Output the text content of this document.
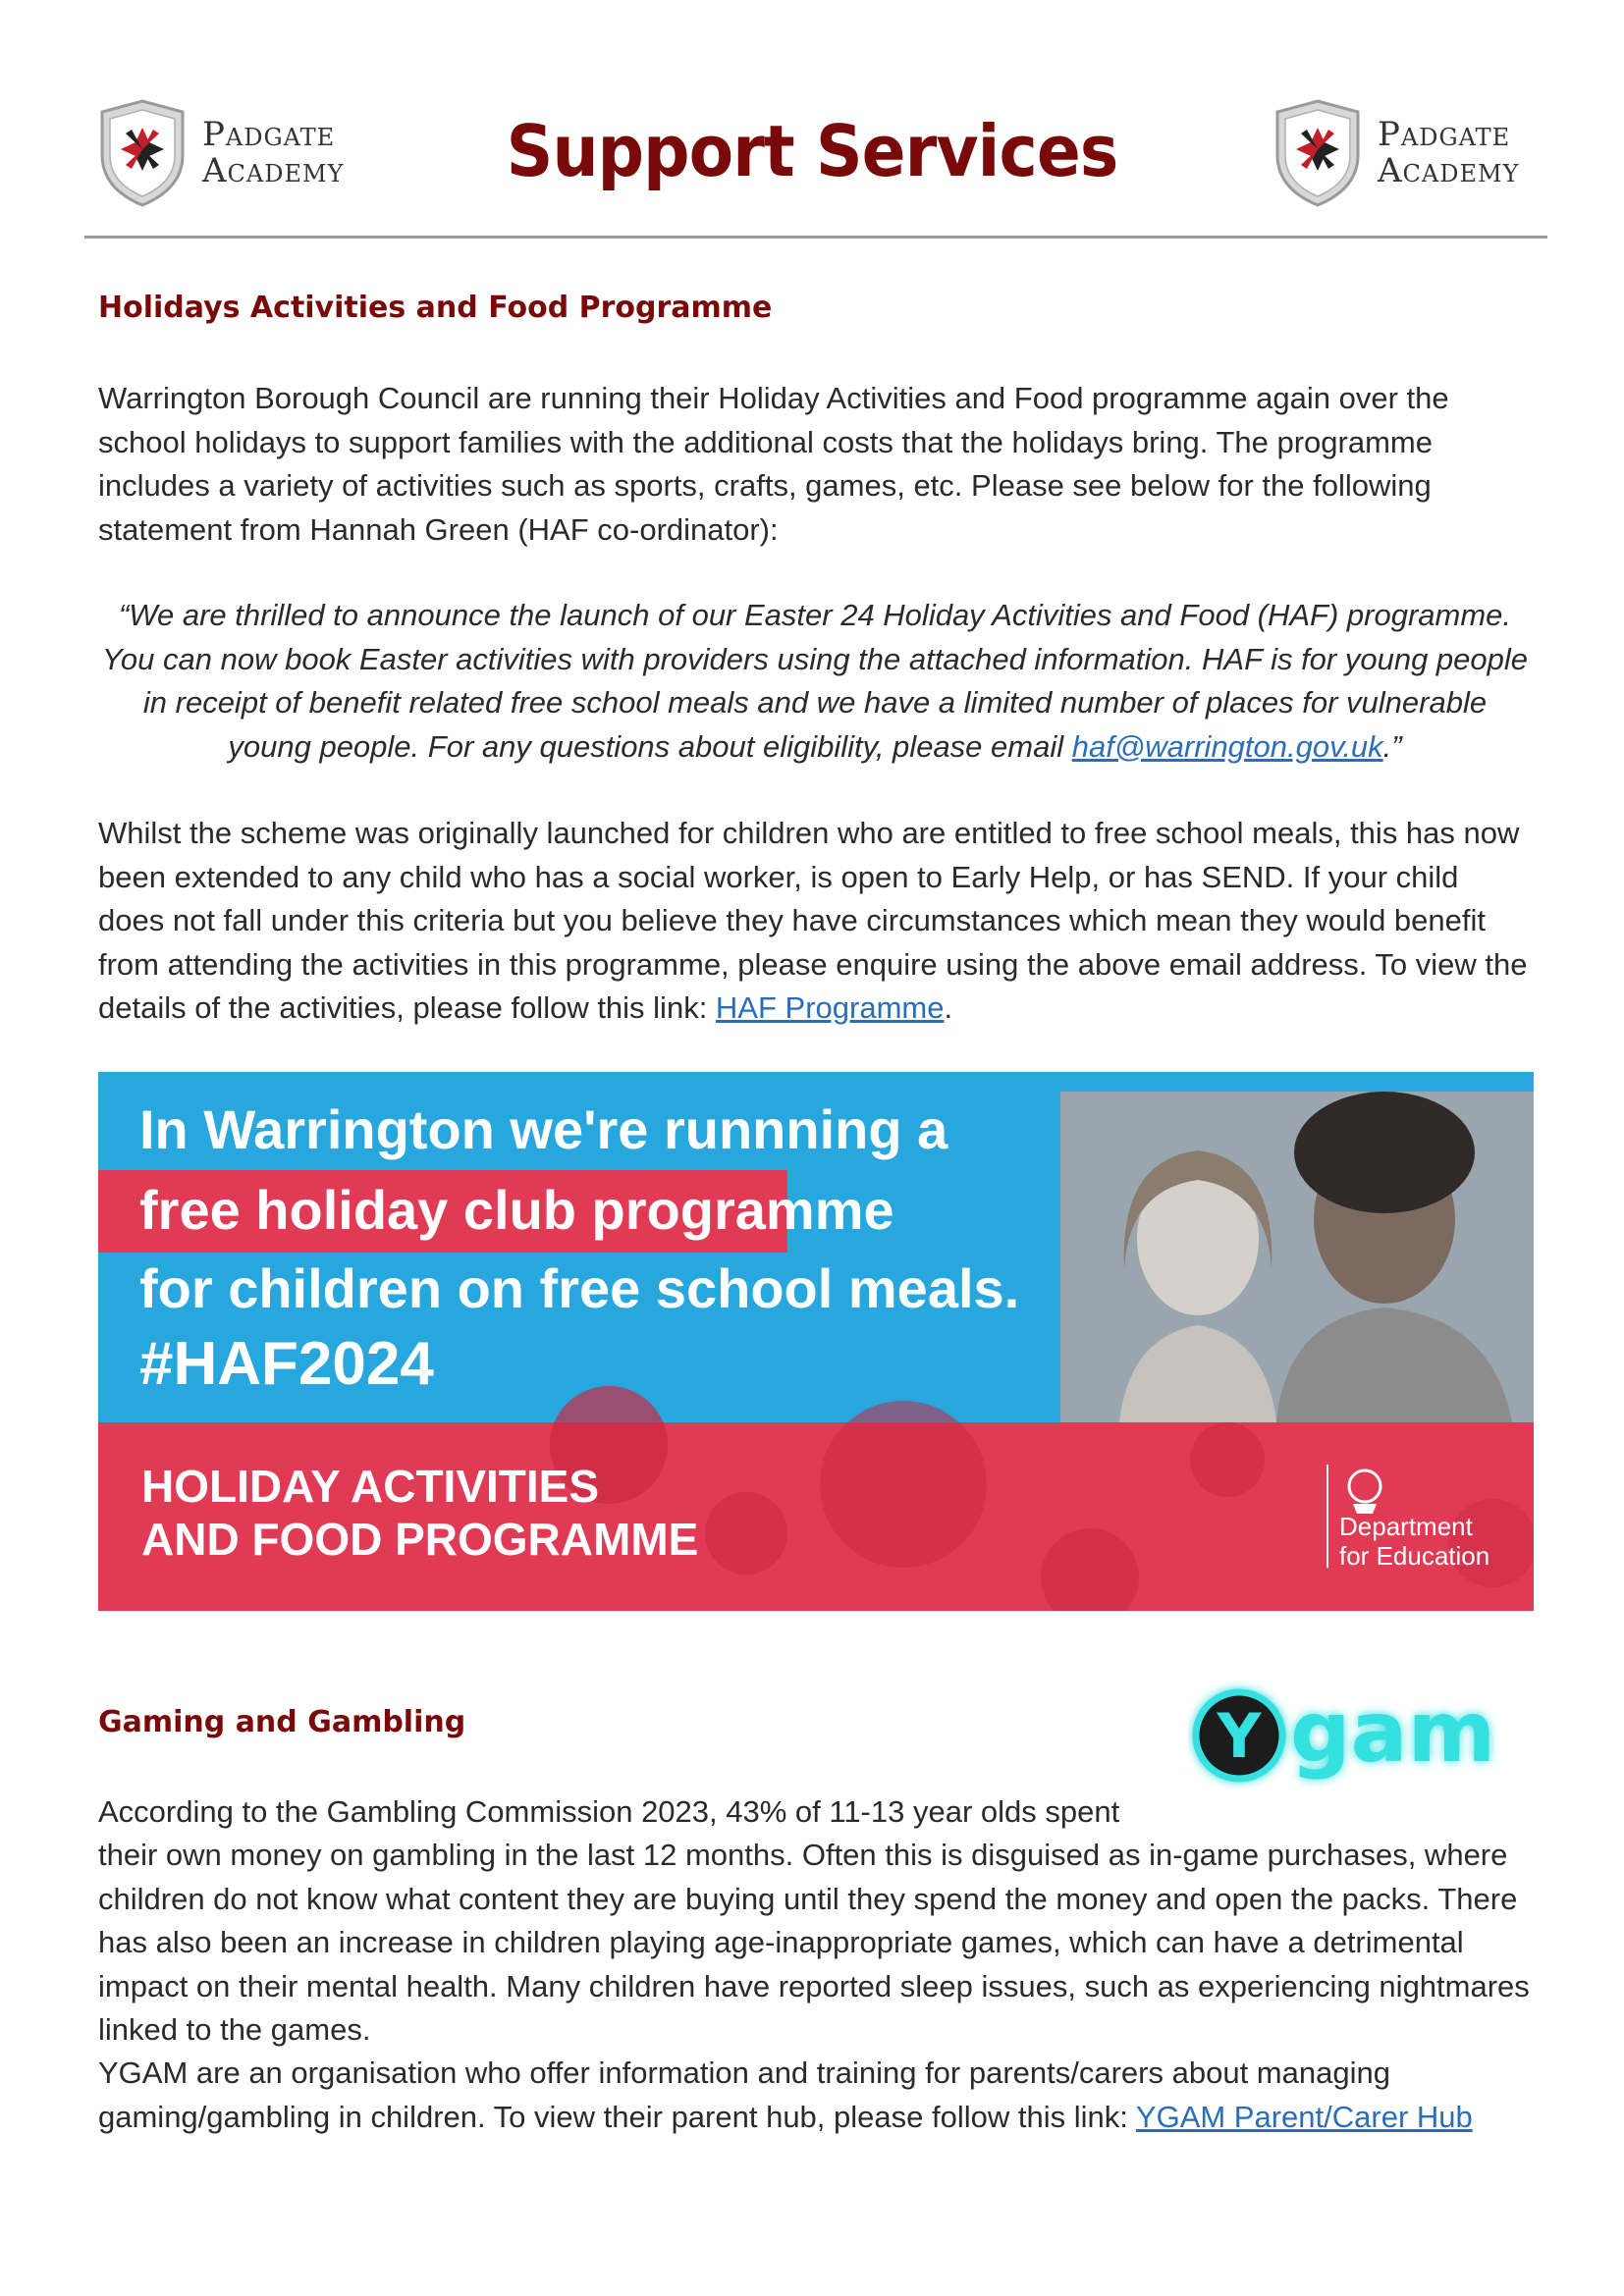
Padgate
Academy	Support Services	Padgate
Academy
Holidays Activities and Food Programme

Warrington Borough Council are running their Holiday Activities and Food programme again over the school holidays to support families with the additional costs that the holidays bring. The programme includes a variety of activities such as sports, crafts, games, etc. Please see below for the following statement from Hannah Green (HAF co-ordinator):

“We are thrilled to announce the launch of our Easter 24 Holiday Activities and Food (HAF) programme. You can now book Easter activities with providers using the attached information. HAF is for young people in receipt of benefit related free school meals and we have a limited number of places for vulnerable young people. For any questions about eligibility, please email haf@warrington.gov.uk.”

Whilst the scheme was originally launched for children who are entitled to free school meals, this has now been extended to any child who has a social worker, is open to Early Help, or has SEND. If your child does not fall under this criteria but you believe they have circumstances which mean they would benefit from attending the activities in this programme, please enquire using the above email address. To view the details of the activities, please follow this link: HAF Programme.

In Warrington we're runnning a
free holiday club programme
for children on free school meals.
#HAF2024
HOLIDAY ACTIVITIES
AND FOOD PROGRAMME	Department
for Education
Gaming and Gambling	Y gam

According to the Gambling Commission 2023, 43% of 11-13 year olds spent

their own money on gambling in the last 12 months. Often this is disguised as in-game purchases, where children do not know what content they are buying until they spend the money and open the packs. There has also been an increase in children playing age-inappropriate games, which can have a detrimental impact on their mental health. Many children have reported sleep issues, such as experiencing nightmares linked to the games.

YGAM are an organisation who offer information and training for parents/carers about managing gaming/gambling in children. To view their parent hub, please follow this link: YGAM Parent/Carer Hub
